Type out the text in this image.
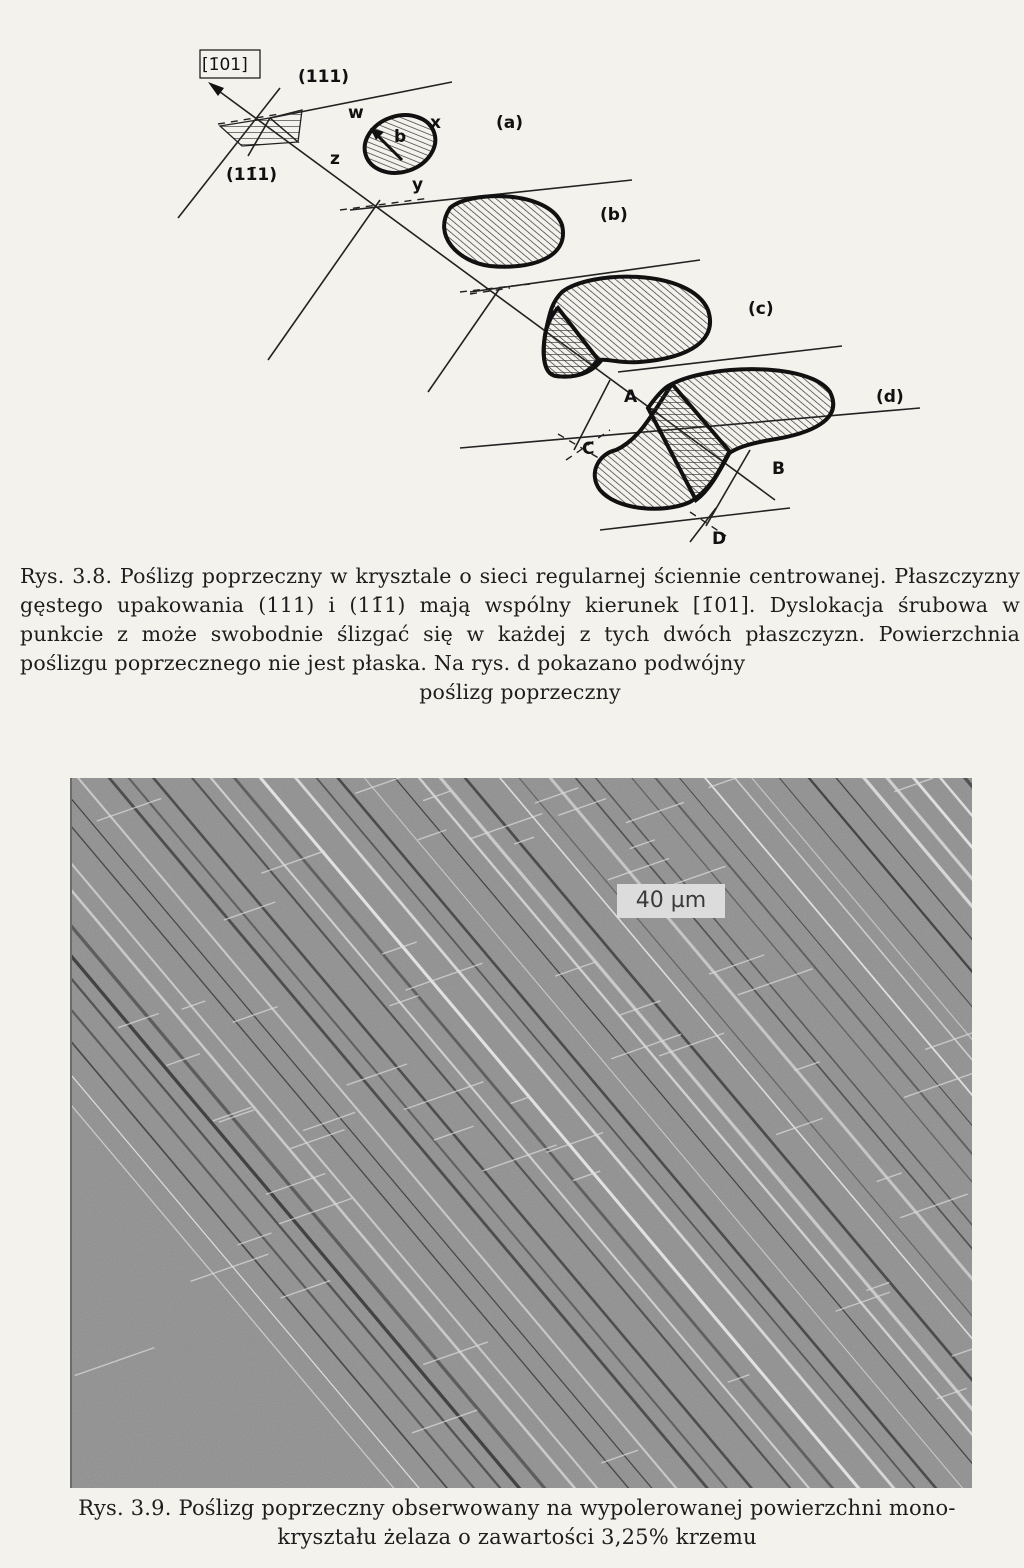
[1̄01]
(111)
(11̄1)
w	x
y
z
b
(a)
(b)
(c)
A	(d)
B
C
D
Rys. 3.8. Poślizg poprzeczny w krysztale o sieci regularnej ściennie centrowanej. Płaszczyzny gęstego upakowania (111) i (11̄1) mają wspólny kierunek [1̄01]. Dyslokacja śrubowa w punkcie z może swobodnie ślizgać się w każdej z tych dwóch płaszczyzn. Powierzchnia poślizgu poprzecznego nie jest płaska. Na rys. d pokazano podwójny
poślizg poprzeczny
40 µm
Rys. 3.9. Poślizg poprzeczny obserwowany na wypolerowanej powierzchni mono-
kryształu żelaza o zawartości 3,25% krzemu
